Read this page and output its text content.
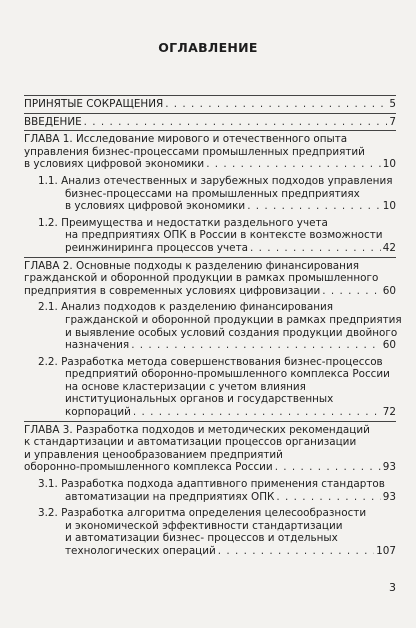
ОГЛАВЛЕНИЕ
ПРИНЯТЫЕ СОКРАЩЕНИЯ . . .	5
ВВЕДЕНИЕ . . .	7
ГЛАВА 1. Исследование мирового и отечественного опыта
управления бизнес-процессами промышленных предприятий
в условиях цифровой экономики . . .	10
1.1. Анализ отечественных и зарубежных подходов управления
бизнес-процессами на промышленных предприятиях
в условиях цифровой экономики . . .	10
1.2. Преимущества и недостатки раздельного учета
на предприятиях ОПК в России в контексте возможности
реинжиниринга процессов учета . . .	42
ГЛАВА 2. Основные подходы к разделению финансирования
гражданской и оборонной продукции в рамках промышленного
предприятия в современных условиях цифровизации . . .	60
2.1. Анализ подходов к разделению финансирования
гражданской и оборонной продукции в рамках предприятия
и выявление особых условий создания продукции двойного
назначения . . .	60
2.2. Разработка метода совершенствования бизнес-процессов
предприятий оборонно-промышленного комплекса России
на основе кластеризации с учетом влияния
институциональных органов и государственных
корпораций . . .	72
ГЛАВА 3. Разработка подходов и методических рекомендаций
к стандартизации и автоматизации процессов организации
и управления ценообразованием предприятий
оборонно-промышленного комплекса России . . .	93
3.1. Разработка подхода адаптивного применения стандартов
автоматизации на предприятиях ОПК . . .	93
3.2. Разработка алгоритма определения целесообразности
и экономической эффективности стандартизации
и автоматизации бизнес- процессов и отдельных
технологических операций . . .	107
3
